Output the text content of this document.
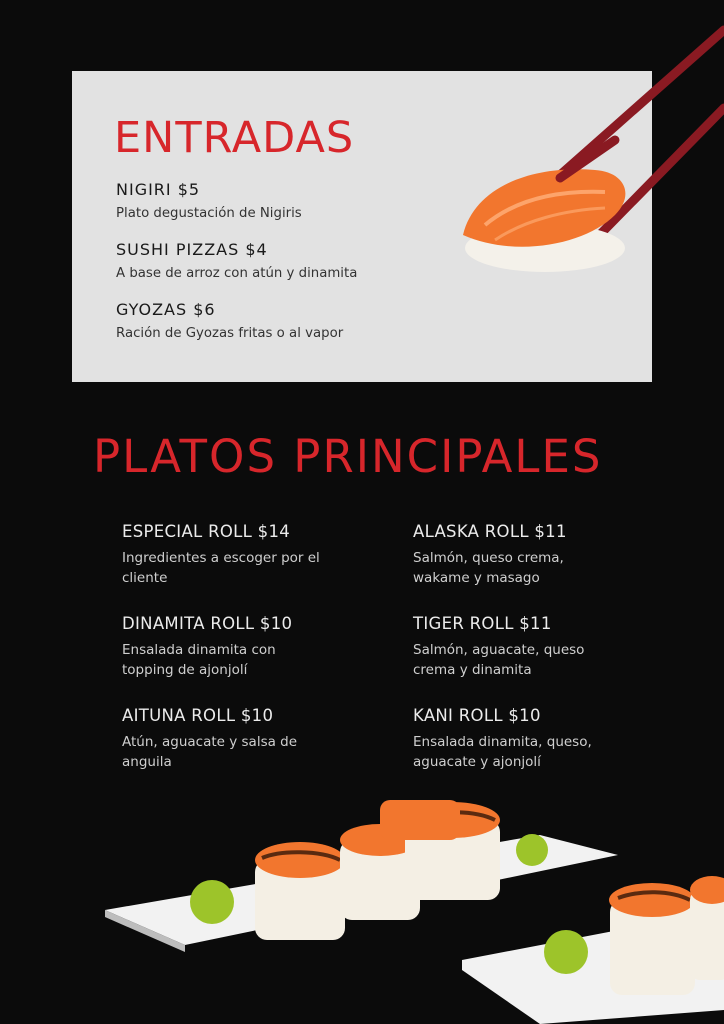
ENTRADAS
NIGIRI $5
Plato degustación de Nigiris
SUSHI PIZZAS $4
A base de arroz con atún y dinamita
GYOZAS $6
Ración de Gyozas fritas o al vapor
PLATOS PRINCIPALES
ESPECIAL ROLL $14
Ingredientes a escoger por el cliente
ALASKA ROLL $11
Salmón, queso crema, wakame y masago
DINAMITA ROLL $10
Ensalada dinamita con topping de ajonjolí
TIGER ROLL $11
Salmón, aguacate, queso crema y dinamita
AITUNA ROLL $10
Atún, aguacate y salsa de anguila
KANI ROLL $10
Ensalada dinamita, queso, aguacate y ajonjolí
